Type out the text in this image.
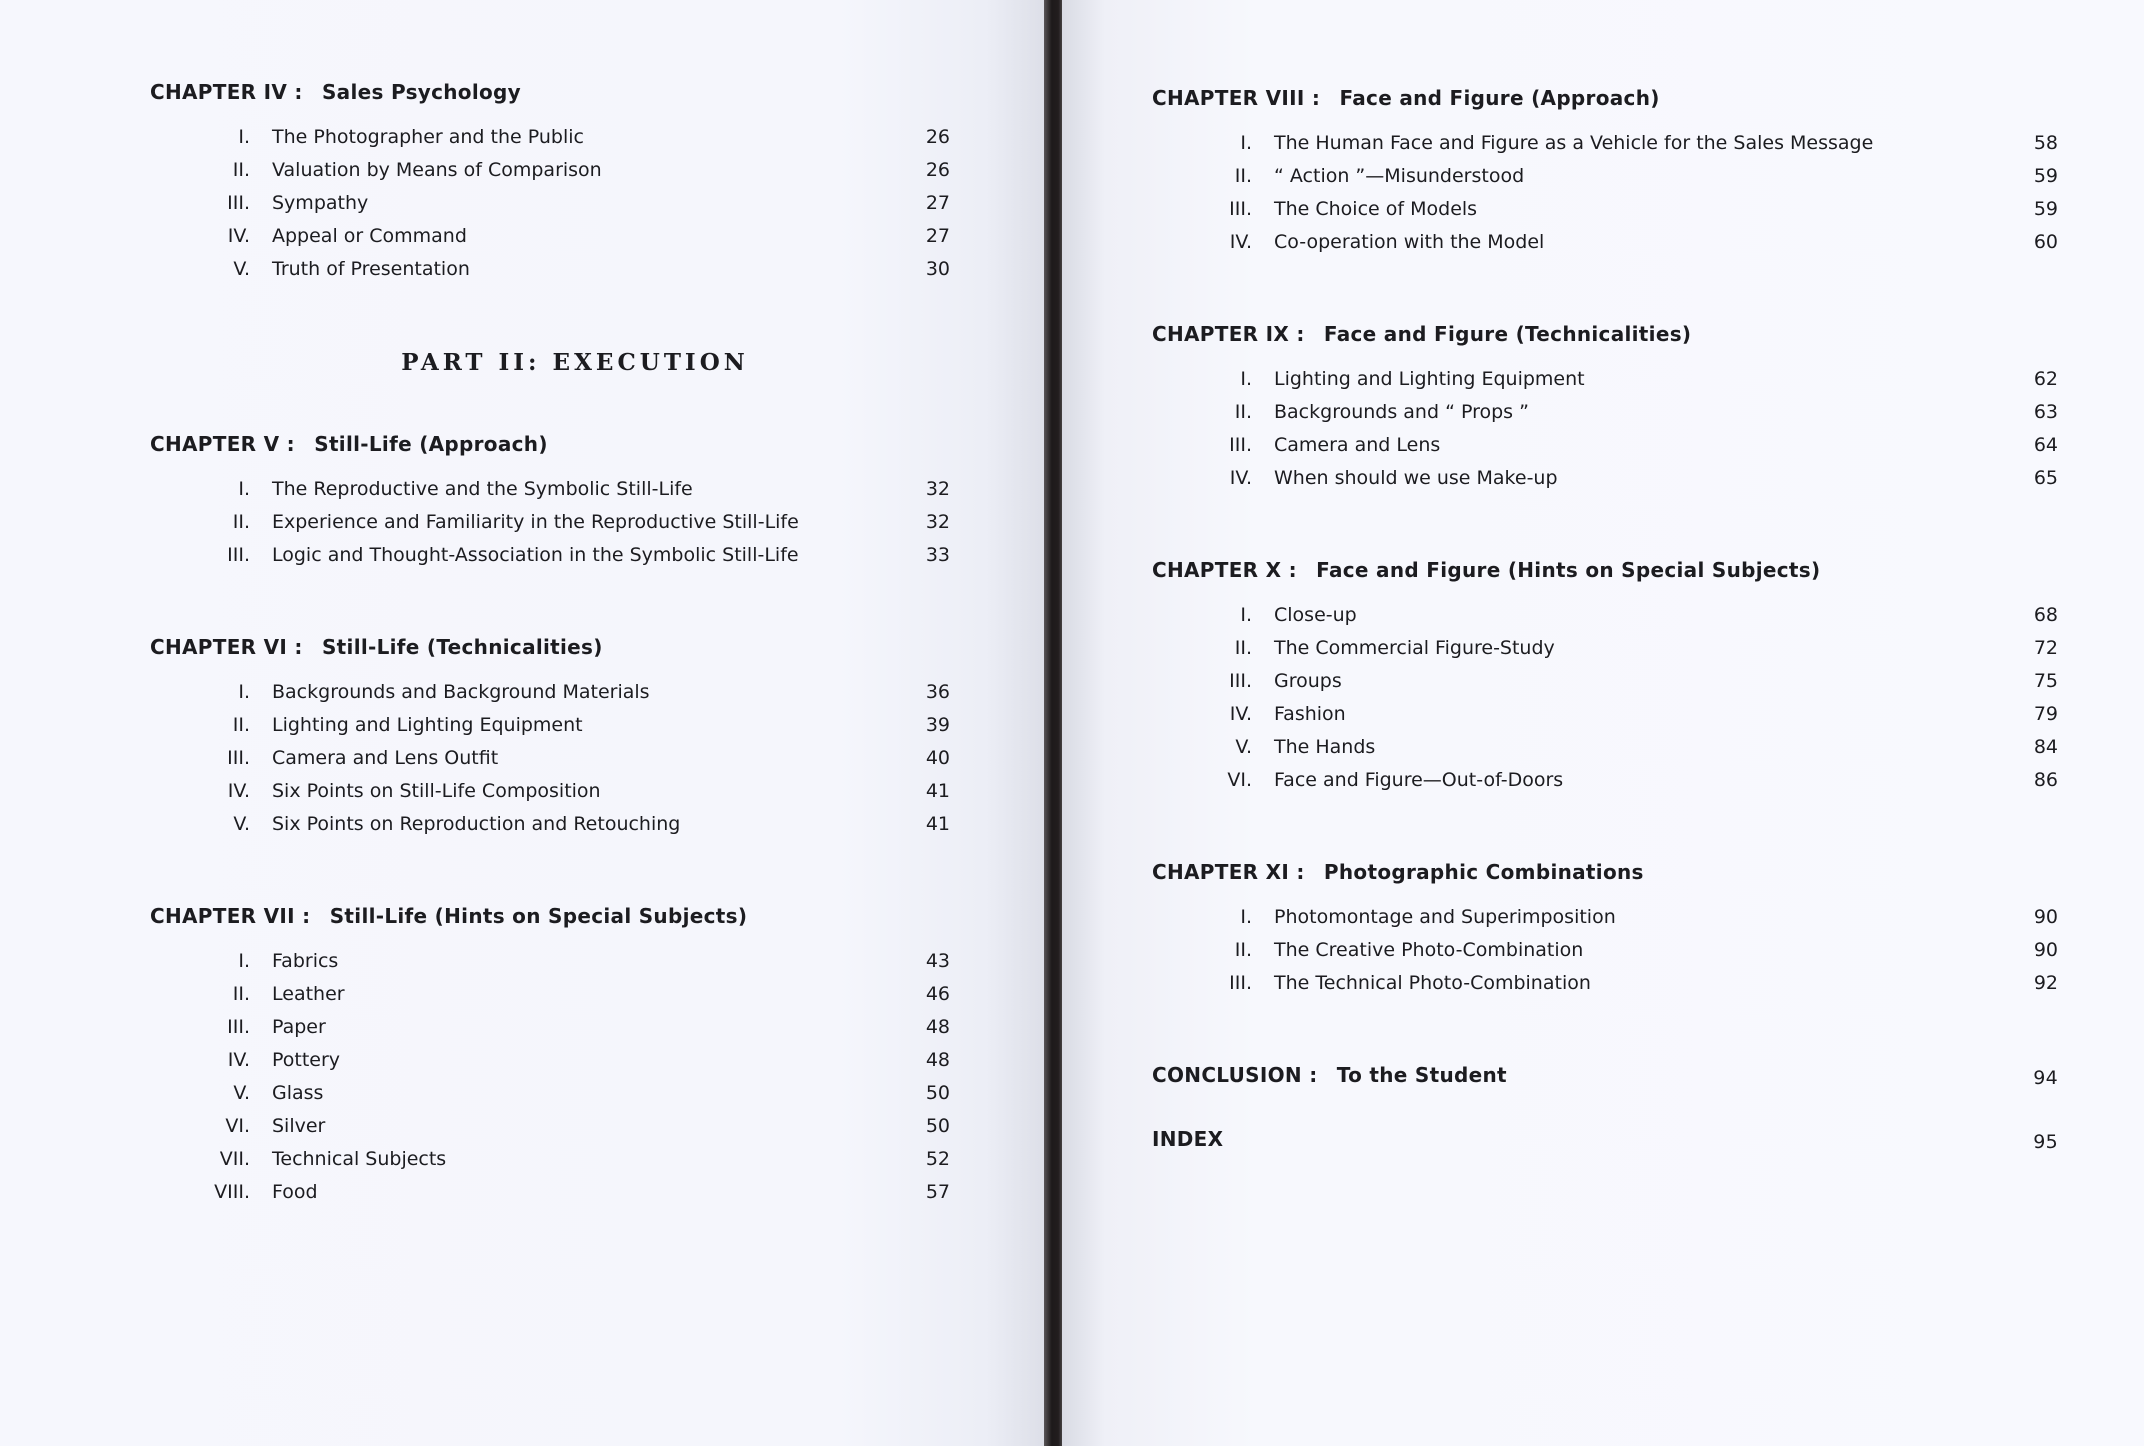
CHAPTER IV : Sales Psychology
I. The Photographer and the Public	26
II. Valuation by Means of Comparison	26
III. Sympathy	27
IV. Appeal or Command	27
V. Truth of Presentation	30
PART II: EXECUTION
CHAPTER V : Still-Life (Approach)
I. The Reproductive and the Symbolic Still-Life	32
II. Experience and Familiarity in the Reproductive Still-Life	32
III. Logic and Thought-Association in the Symbolic Still-Life	33
CHAPTER VI : Still-Life (Technicalities)
I. Backgrounds and Background Materials	36
II. Lighting and Lighting Equipment	39
III. Camera and Lens Outfit	40
IV. Six Points on Still-Life Composition	41
V. Six Points on Reproduction and Retouching	41
CHAPTER VII : Still-Life (Hints on Special Subjects)
I. Fabrics	43
II. Leather	46
III. Paper	48
IV. Pottery	48
V. Glass	50
VI. Silver	50
VII. Technical Subjects	52
VIII. Food	57
CHAPTER VIII : Face and Figure (Approach)
I. The Human Face and Figure as a Vehicle for the Sales Message	58
II. “ Action ”—Misunderstood	59
III. The Choice of Models	59
IV. Co-operation with the Model	60
CHAPTER IX : Face and Figure (Technicalities)
I. Lighting and Lighting Equipment	62
II. Backgrounds and “ Props ”	63
III. Camera and Lens	64
IV. When should we use Make-up	65
CHAPTER X : Face and Figure (Hints on Special Subjects)
I. Close-up	68
II. The Commercial Figure-Study	72
III. Groups	75
IV. Fashion	79
V. The Hands	84
VI. Face and Figure—Out-of-Doors	86
CHAPTER XI : Photographic Combinations
I. Photomontage and Superimposition	90
II. The Creative Photo-Combination	90
III. The Technical Photo-Combination	92
CONCLUSION : To the Student	94
INDEX	95
